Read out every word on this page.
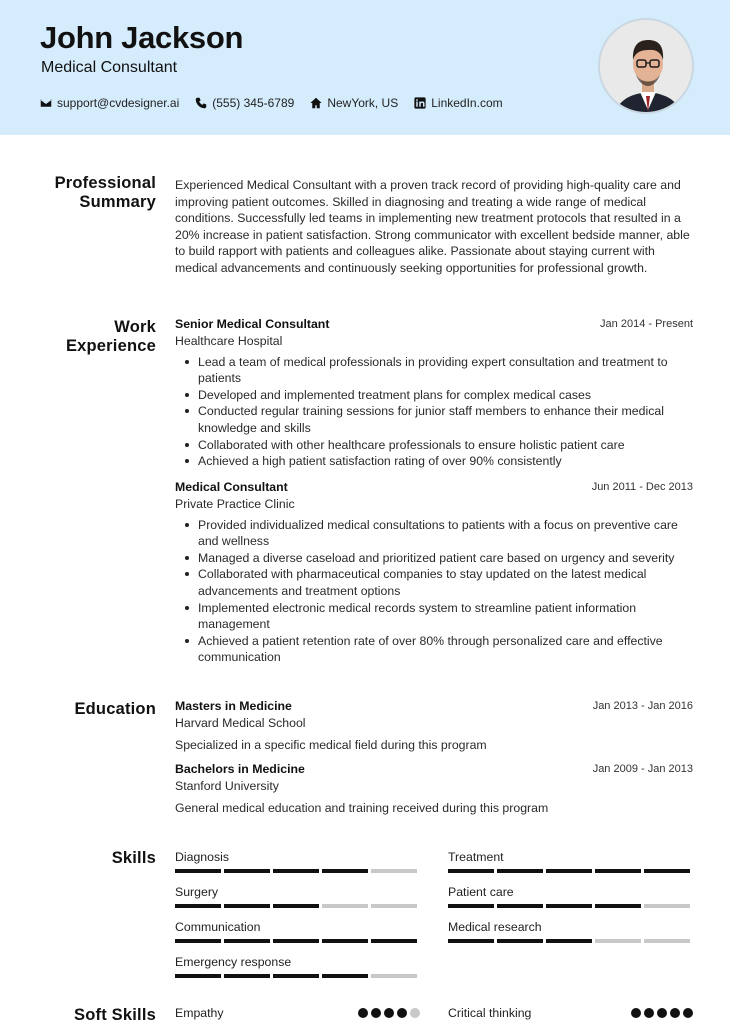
John Jackson
Medical Consultant
support@cvdesigner.ai	(555) 345-6789	NewYork, US	LinkedIn.com
Professional
Summary
Experienced Medical Consultant with a proven track record of providing high-quality care and improving patient outcomes. Skilled in diagnosing and treating a wide range of medical conditions. Successfully led teams in implementing new treatment protocols that resulted in a 20% increase in patient satisfaction. Strong communicator with excellent bedside manner, able to build rapport with patients and colleagues alike. Passionate about staying current with medical advancements and continuously seeking opportunities for professional growth.
Work
Experience
Senior Medical Consultant	Jan 2014 - Present
Healthcare Hospital
Lead a team of medical professionals in providing expert consultation and treatment to patients
Developed and implemented treatment plans for complex medical cases
Conducted regular training sessions for junior staff members to enhance their medical knowledge and skills
Collaborated with other healthcare professionals to ensure holistic patient care
Achieved a high patient satisfaction rating of over 90% consistently
Medical Consultant	Jun 2011 - Dec 2013
Private Practice Clinic
Provided individualized medical consultations to patients with a focus on preventive care and wellness
Managed a diverse caseload and prioritized patient care based on urgency and severity
Collaborated with pharmaceutical companies to stay updated on the latest medical advancements and treatment options
Implemented electronic medical records system to streamline patient information management
Achieved a patient retention rate of over 80% through personalized care and effective communication
Education Masters in Medicine	Jan 2013 - Jan 2016
Harvard Medical School
Specialized in a specific medical field during this program
Bachelors in Medicine	Jan 2009 - Jan 2013
Stanford University
General medical education and training received during this program
Skills Diagnosis	Treatment
Surgery	Patient care
Communication	Medical research
Emergency response
Soft Skills Empathy	Critical thinking
